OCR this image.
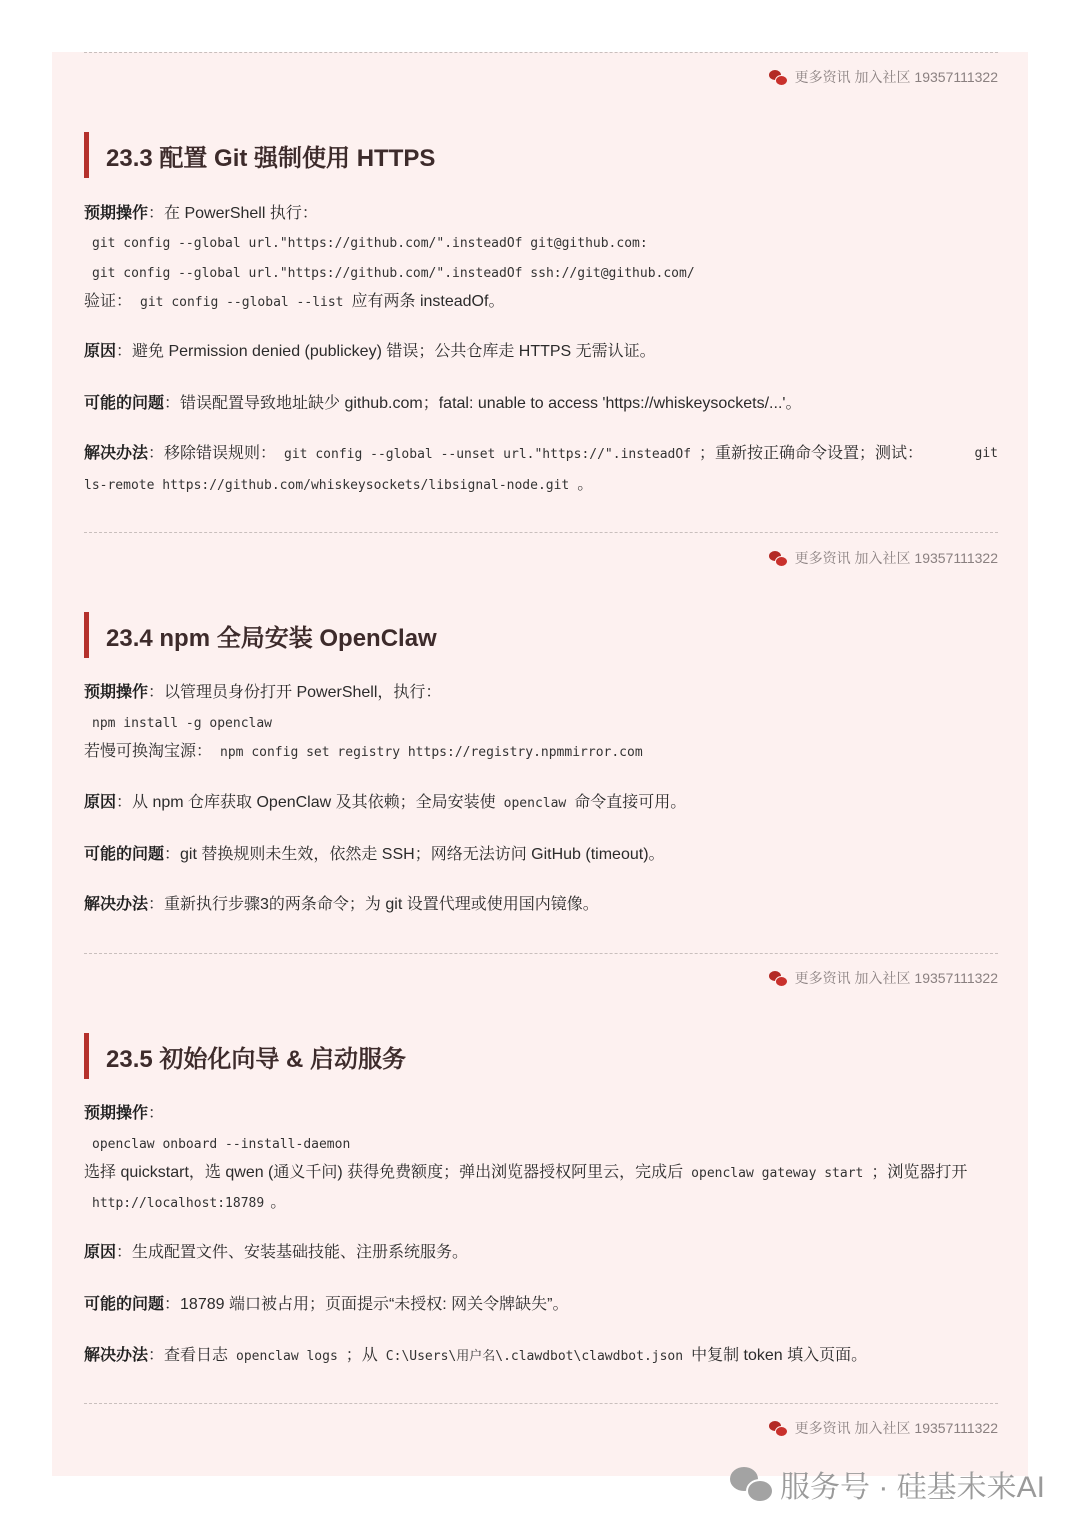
更多资讯 加入社区 19357111322
23.3 配置 Git 强制使用 HTTPS
预期操作：在 PowerShell 执行：
git config --global url."https://github.com/".insteadOf git@github.com:
git config --global url."https://github.com/".insteadOf ssh://git@github.com/
验证： git config --global --list 应有两条 insteadOf。
原因：避免 Permission denied (publickey) 错误；公共仓库走 HTTPS 无需认证。
可能的问题：错误配置导致地址缺少 github.com；fatal: unable to access 'https://whiskeysockets/...'。
解决办法：移除错误规则： git config --global --unset url."https://".insteadOf ；重新按正确命令设置；测试：	git
ls-remote https://github.com/whiskeysockets/libsignal-node.git 。
更多资讯 加入社区 19357111322
23.4 npm 全局安装 OpenClaw
预期操作：以管理员身份打开 PowerShell，执行：
npm install -g openclaw
若慢可换淘宝源： npm config set registry https://registry.npmmirror.com
原因：从 npm 仓库获取 OpenClaw 及其依赖；全局安装使 openclaw 命令直接可用。
可能的问题：git 替换规则未生效，依然走 SSH；网络无法访问 GitHub (timeout)。
解决办法：重新执行步骤3的两条命令；为 git 设置代理或使用国内镜像。
更多资讯 加入社区 19357111322
23.5 初始化向导 & 启动服务
预期操作：
openclaw onboard --install-daemon
选择 quickstart，选 qwen (通义千问) 获得免费额度；弹出浏览器授权阿里云，完成后 openclaw gateway start ；浏览器打开
http://localhost:18789 。
原因：生成配置文件、安装基础技能、注册系统服务。
可能的问题：18789 端口被占用；页面提示“未授权: 网关令牌缺失”。
解决办法：查看日志 openclaw logs ；从 C:\Users\用户名\.clawdbot\clawdbot.json 中复制 token 填入页面。
更多资讯 加入社区 19357111322
服务号 · 硅基未来AI
